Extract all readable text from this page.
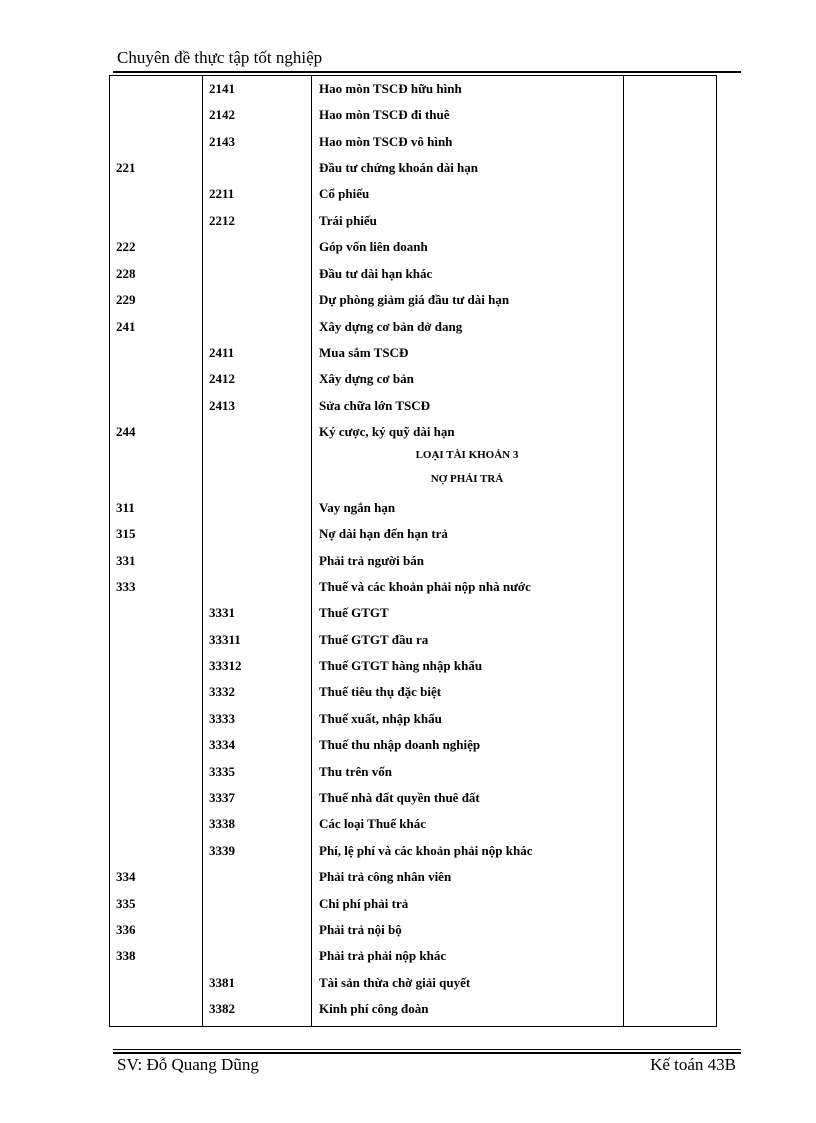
Chuyên đề thực tập tốt nghiệp
2141	Hao mòn TSCĐ hữu hình
2142	Hao mòn TSCĐ đi thuê
2143	Hao mòn TSCĐ vô hình
221	Đầu tư chứng khoán dài hạn
2211	Cổ phiếu
2212	Trái phiếu
222	Góp vốn liên doanh
228	Đầu tư dài hạn khác
229	Dự phòng giảm giá đầu tư dài hạn
241	Xây dựng cơ bản dở dang
2411	Mua sắm TSCĐ
2412	Xây dựng cơ bản
2413	Sửa chữa lớn TSCĐ
244	Ký cược, ký quỹ dài hạn
LOẠI TÀI KHOẢN 3
NỢ PHẢI TRẢ
311	Vay ngắn hạn
315	Nợ dài hạn đến hạn trả
331	Phải trả người bán
333	Thuế và các khoản phải nộp nhà nước
3331	Thuế GTGT
33311	Thuế GTGT đầu ra
33312	Thuế GTGT hàng nhập khẩu
3332	Thuế tiêu thụ đặc biệt
3333	Thuế xuất, nhập khẩu
3334	Thuế thu nhập doanh nghiệp
3335	Thu trên vốn
3337	Thuế nhà đất quyền thuê đất
3338	Các loại Thuế khác
3339	Phí, lệ phí và các khoản phải nộp khác
334	Phải trả công nhân viên
335	Chi phí phải trả
336	Phải trả nội bộ
338	Phải trả phải nộp khác
3381	Tài sản thừa chờ giải quyết
3382	Kinh phí công đoàn
SV: Đỗ Quang Dũng	Kế toán 43B
